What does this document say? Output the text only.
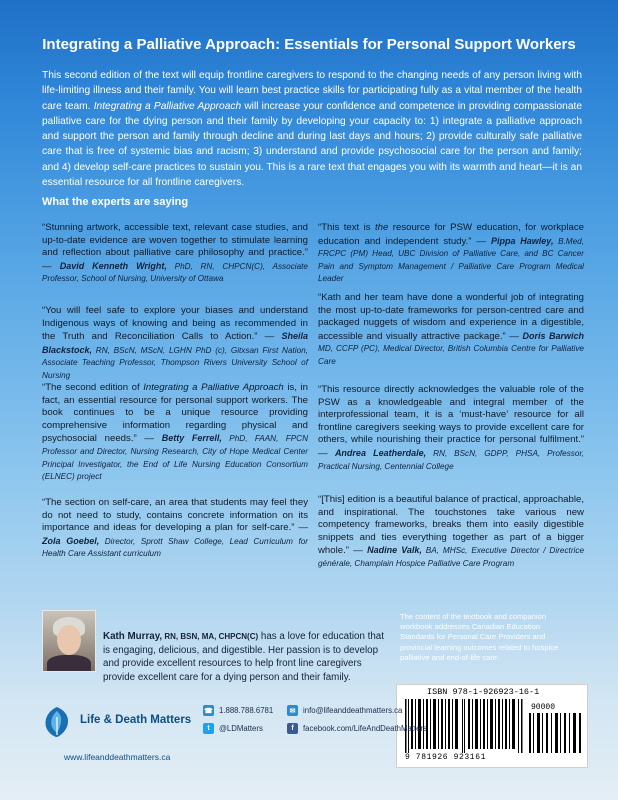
Integrating a Palliative Approach: Essentials for Personal Support Workers
This second edition of the text will equip frontline caregivers to respond to the changing needs of any person living with life-limiting illness and their family. You will learn best practice skills for participating fully as a vital member of the health care team. Integrating a Palliative Approach will increase your confidence and competence in providing compassionate palliative care for the dying person and their family by developing your capacity to: 1) integrate a palliative approach and support the person and family through decline and during last days and hours; 2) provide culturally safe palliative care that is free of systemic bias and racism; 3) understand and provide psychosocial care for the person and family; and 4) develop self-care practices to sustain you. This is a rare text that engages you with its warmth and heart—it is an essential resource for all frontline caregivers.
What the experts are saying
“Stunning artwork, accessible text, relevant case studies, and up-to-date evidence are woven together to stimulate learning and reflection about palliative care philosophy and practice.” — David Kenneth Wright, PhD, RN, CHPCN(C), Associate Professor, School of Nursing, University of Ottawa
“You will feel safe to explore your biases and understand Indigenous ways of knowing and being as recommended in the Truth and Reconciliation Calls to Action.” — Sheila Blackstock, RN, BScN, MScN, LGHN PhD (c), Gitxsan First Nation, Associate Teaching Professor, Thompson Rivers University School of Nursing
“The second edition of Integrating a Palliative Approach is, in fact, an essential resource for personal support workers. The book continues to be a unique resource providing comprehensive information regarding physical and psychosocial needs.” — Betty Ferrell, PhD, FAAN, FPCN Professor and Director, Nursing Research, City of Hope Medical Center Principal Investigator, the End of Life Nursing Education Consortium (ELNEC) project
“The section on self-care, an area that students may feel they do not need to study, contains concrete information on its importance and ideas for developing a plan for self-care.” — Zola Goebel, Director, Sprott Shaw College, Lead Curriculum for Health Care Assistant curriculum
“This text is the resource for PSW education, for workplace education and independent study.” — Pippa Hawley, B.Med, FRCPC (PM) Head, UBC Division of Palliative Care, and BC Cancer Pain and Symptom Management / Palliative Care Program Medical Leader
“Kath and her team have done a wonderful job of integrating the most up-to-date frameworks for person-centred care and packaged nuggets of wisdom and experience in a digestible, accessible and visually attractive package.” — Doris Barwich MD, CCFP (PC), Medical Director, British Columbia Centre for Palliative Care
“This resource directly acknowledges the valuable role of the PSW as a knowledgeable and integral member of the interprofessional team, it is a ‘must-have’ resource for all frontline caregivers seeking ways to provide excellent care for others, while nourishing their practice for personal fulfilment.” — Andrea Leatherdale, RN, BScN, GDPP, PHSA, Professor, Practical Nursing, Centennial College
“[This] edition is a beautiful balance of practical, approachable, and inspirational. The touchstones take various new competency frameworks, breaks them into easily digestible snippets and ties everything together as part of a bigger whole.” — Nadine Valk, BA, MHSc, Executive Director / Directrice générale, Champlain Hospice Palliative Care Program
Kath Murray, RN, BSN, MA, CHPCN(C) has a love for education that is engaging, delicious, and digestible. Her passion is to develop and provide excellent resources to help front line caregivers provide excellent care for a dying person and their family.
The content of the textbook and companion workbook addresses Canadian Education Standards for Personal Care Providers and provincial learning outcomes related to hospice palliative and end-of-life care.
ISBN 978-1-926923-16-1
90000
9 781926 923161
Life & Death Matters
www.lifeanddeathmatters.ca
☎ 1.888.788.6781	✉ info@lifeanddeathmatters.ca
t	@LDMatters	f	facebook.com/LifeAndDeathMatters
